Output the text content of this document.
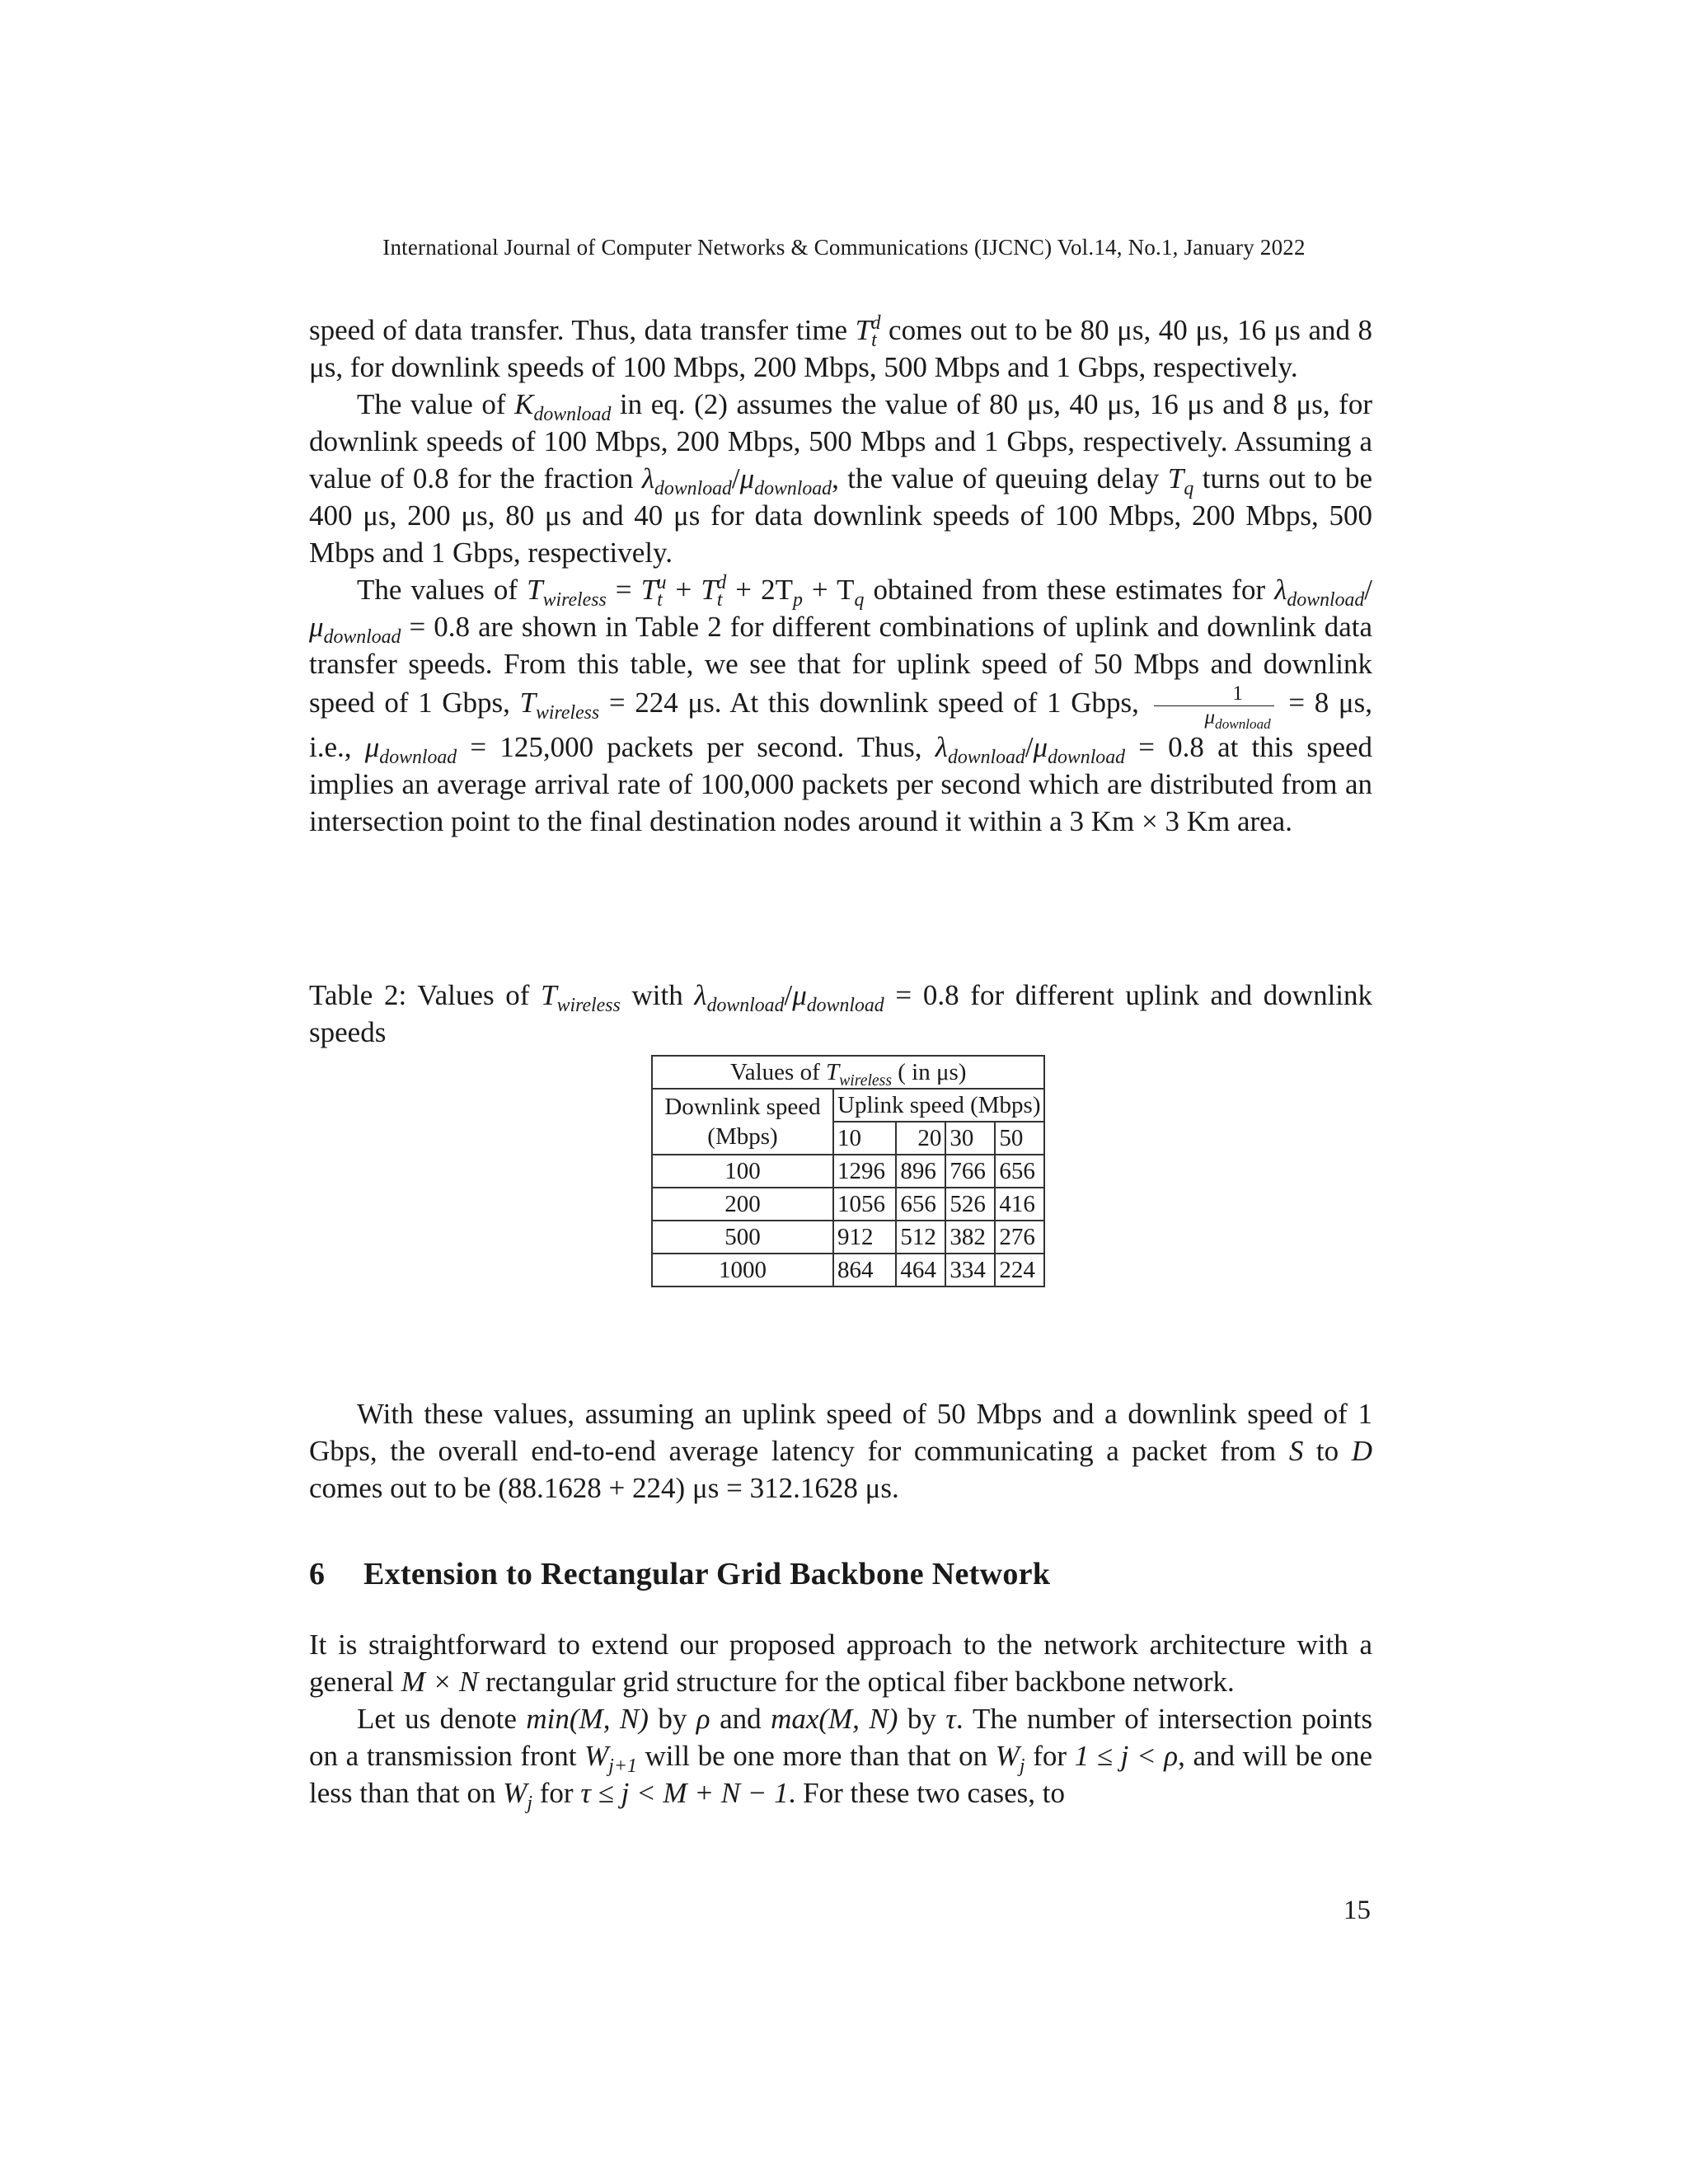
International Journal of Computer Networks & Communications (IJCNC) Vol.14, No.1, January 2022

speed of data transfer. Thus, data transfer time $T_t^d$ comes out to be 80 μs, 40 μs, 16 μs and 8 μs, for downlink speeds of 100 Mbps, 200 Mbps, 500 Mbps and 1 Gbps, respectively.

The value of $K_{download}$ in eq. (2) assumes the value of 80 μs, 40 μs, 16 μs and 8 μs, for downlink speeds of 100 Mbps, 200 Mbps, 500 Mbps and 1 Gbps, respectively. Assuming a value of 0.8 for the fraction $\lambda_{download}/\mu_{download}$, the value of queuing delay $T_q$ turns out to be 400 μs, 200 μs, 80 μs and 40 μs for data downlink speeds of 100 Mbps, 200 Mbps, 500 Mbps and 1 Gbps, respectively.

The values of $T_{wireless} = T_t^u + T_t^d + 2T_p + T_q$ obtained from these estimates for $\lambda_{download}/\mu_{download} = 0.8$ are shown in Table 2 for different combinations of uplink and downlink data transfer speeds. From this table, we see that for uplink speed of 50 Mbps and downlink speed of 1 Gbps, $T_{wireless} = 224$ μs. At this downlink speed of 1 Gbps, $\frac{1}{\mu_{download}} = 8$ μs, i.e., $\mu_{download} = 125,000$ packets per second. Thus, $\lambda_{download}/\mu_{download} = 0.8$ at this speed implies an average arrival rate of 100,000 packets per second which are distributed from an intersection point to the final destination nodes around it within a 3 Km × 3 Km area.

Table 2: Values of $T_{wireless}$ with $\lambda_{download}/\mu_{download} = 0.8$ for different uplink and downlink speeds

Values of $T_{wireless}$ ( in μs)				
Downlink speed (Mbps)	Uplink speed (Mbps)			
	10	20	30	50
100	1296	896	766	656
200	1056	656	526	416
500	912	512	382	276
1000	864	464	334	224

With these values, assuming an uplink speed of 50 Mbps and a downlink speed of 1 Gbps, the overall end-to-end average latency for communicating a packet from S to D comes out to be (88.1628 + 224) μs = 312.1628 μs.

6 Extension to Rectangular Grid Backbone Network

It is straightforward to extend our proposed approach to the network architecture with a general M × N rectangular grid structure for the optical fiber backbone network.

Let us denote min(M, N) by ρ and max(M, N) by τ. The number of intersection points on a transmission front $W_{j+1}$ will be one more than that on $W_j$ for 1 ≤ j < ρ, and will be one less than that on $W_j$ for τ ≤ j < M + N − 1. For these two cases, to

15
